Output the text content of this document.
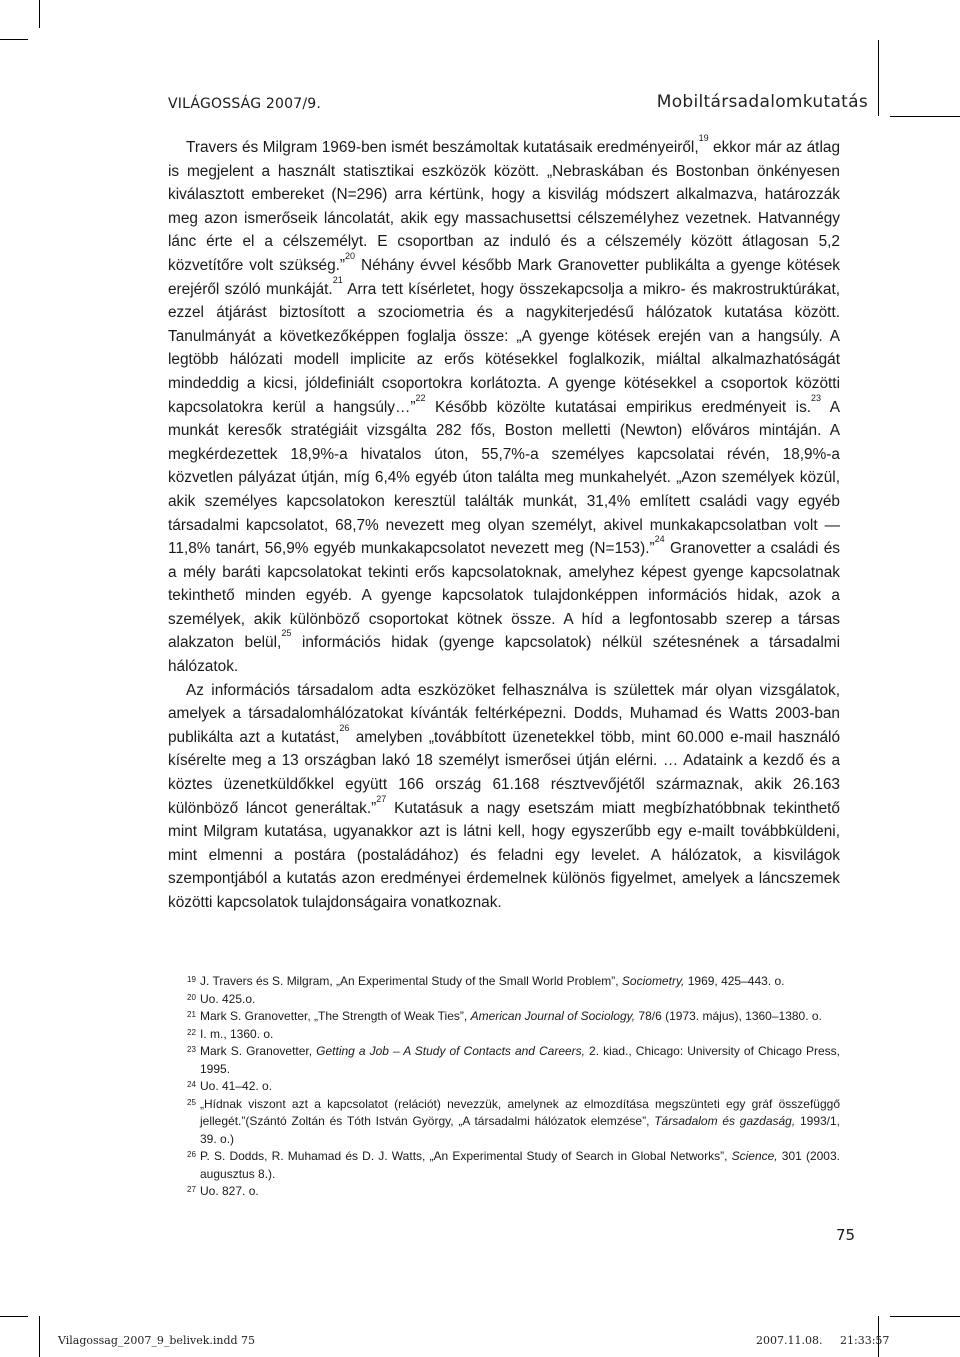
VILÁGOSSÁG 2007/9.	Mobiltársadalomkutatás

Travers és Milgram 1969-ben ismét beszámoltak kutatásaik eredményeiről,$^{19}$ ekkor már az átlag is megjelent a használt statisztikai eszközök között. „Nebraskában és Bostonban önkényesen kiválasztott embereket (N=296) arra kértünk, hogy a kisvilág módszert alkalmazva, határozzák meg azon ismerőseik láncolatát, akik egy massachusettsi célszeméIyhez vezetnek. Hatvannégy lánc érte el a célszemélyt. E csoportban az induló és a célszemély között átlagosan 5,2 közvetítőre volt szükség.”$^{20}$ Néhány évvel később Mark Granovetter publikálta a gyenge kötések erejéről szóló munkáját.$^{21}$ Arra tett kísérletet, hogy összekapcsolja a mikro- és makrostruktúrákat, ezzel átjárást biztosított a szociometria és a nagykiterjedésű hálózatok kutatása között. Tanulmányát a következőképpen foglalja össze: „A gyenge kötések erején van a hangsúly. A legtöbb hálózati modell implicite az erős kötésekkel foglalkozik, miáltal alkalmazhatóságát mindeddig a kicsi, jóldefiniált csoportokra korlátozta. A gyenge kötésekkel a csoportok közötti kapcsolatokra kerül a hangsúly…”$^{22}$ Később közölte kutatásai empirikus eredményeit is.$^{23}$ A munkát keresők stratégiáit vizsgálta 282 fős, Boston melletti (Newton) előváros mintáján. A megkérdezettek 18,9%-a hivatalos úton, 55,7%-a személyes kapcsolatai révén, 18,9%-a közvetlen pályázat útján, míg 6,4% egyéb úton találta meg munkahelyét. „Azon személyek közül, akik személyes kapcsolatokon keresztül találták munkát, 31,4% említett családi vagy egyéb társadalmi kapcsolatot, 68,7% nevezett meg olyan személyt, akivel munkakapcsolatban volt — 11,8% tanárt, 56,9% egyéb munkakapcsolatot nevezett meg (N=153).”$^{24}$ Granovetter a családi és a mély baráti kapcsolatokat tekinti erős kapcsolatoknak, amelyhez képest gyenge kapcsolatnak tekinthető minden egyéb. A gyenge kapcsolatok tulajdonképpen információs hidak, azok a személyek, akik különböző csoportokat kötnek össze. A híd a legfontosabb szerep a társas alakzaton belül,$^{25}$ információs hidak (gyenge kapcsolatok) nélkül szétesnének a társadalmi hálózatok.

Az információs társadalom adta eszközöket felhasználva is születtek már olyan vizsgálatok, amelyek a társadalomhálózatokat kívánták feltérképezni. Dodds, Muhamad és Watts 2003-ban publikálta azt a kutatást,$^{26}$ amelyben „továbbított üzenetekkel több, mint 60.000 e-mail használó kísérelte meg a 13 országban lakó 18 személyt ismerősei útján elérni. … Adataink a kezdő és a köztes üzenetküldőkkel együtt 166 ország 61.168 résztvevőjétől származnak, akik 26.163 különböző láncot generáltak.”$^{27}$ Kutatásuk a nagy esetszám miatt megbízhatóbbnak tekinthető mint Milgram kutatása, ugyanakkor azt is látni kell, hogy egyszerűbb egy e-mailt továbbküldeni, mint elmenni a postára (postaládához) és feladni egy levelet. A hálózatok, a kisvilágok szempontjából a kutatás azon eredményei érdemelnek különös figyelmet, amelyek a láncszemek közötti kapcsolatok tulajdonságaira vonatkoznak.

19 J. Travers és S. Milgram, „An Experimental Study of the Small World Problem”, Sociometry, 1969, 425–443. o.
20 Uo. 425.o.
21 Mark S. Granovetter, „The Strength of Weak Ties”, American Journal of Sociology, 78/6 (1973. május), 1360–1380. o.
22 I. m., 1360. o.
23 Mark S. Granovetter, Getting a Job – A Study of Contacts and Careers, 2. kiad., Chicago: University of Chicago Press, 1995.
24 Uo. 41–42. o.
25 „Hídnak viszont azt a kapcsolatot (relációt) nevezzük, amelynek az elmozdítása megszünteti egy gráf összefüggő jellegét.”(Szántó Zoltán és Tóth István György, „A társadalmi hálózatok elemzése”, Társadalom és gazdaság, 1993/1, 39. o.)
26 P. S. Dodds, R. Muhamad és D. J. Watts, „An Experimental Study of Search in Global Networks”, Science, 301 (2003. augusztus 8.).
27 Uo. 827. o.
75
Vilagossag_2007_9_belivek.indd 75	2007.11.08. 21:33:57
